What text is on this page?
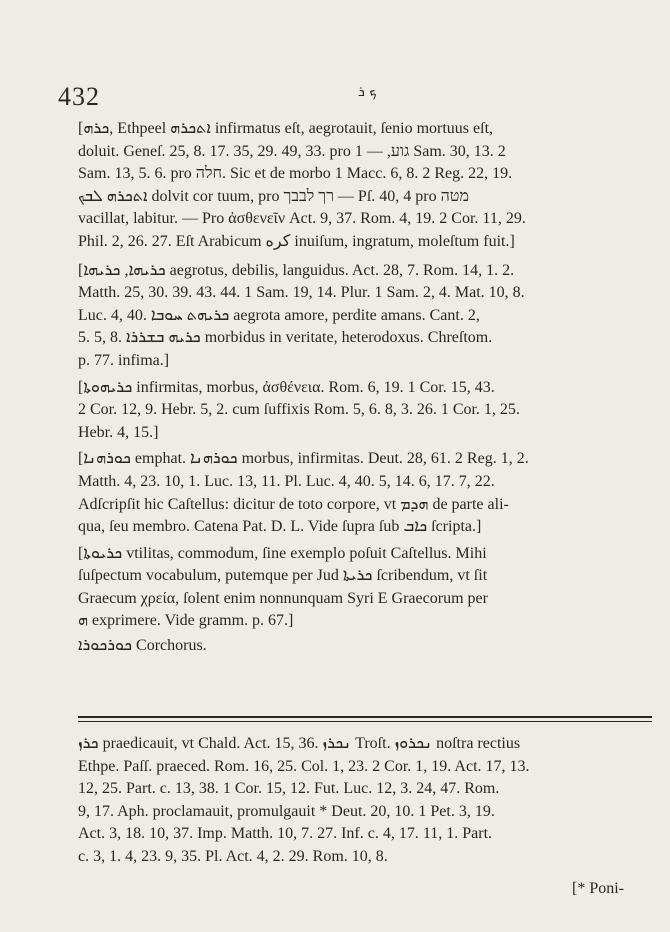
432	ܟ ܪ

[ܟܪܗ, Ethpeel ܐܬܟܪܗ infirmatus eſt, aegrotauit, ſenio mortuus eſt,

doluit. Geneſ. 25, 8. 17. 35, 29. 49, 33. pro גוע, — 1 Sam. 30, 13. 2

Sam. 13, 5. 6. pro חלה. Sic et de morbo 1 Macc. 6, 8. 2 Reg. 22, 19.

ܐܬܟܪܗ ܠܒܟ dolvit cor tuum, pro רך לבבך — Pſ. 40, 4 pro מטה

vacillat, labitur. — Pro ἀσθενεῖν Act. 9, 37. Rom. 4, 19. 2 Cor. 11, 29.

Phil. 2, 26. 27. Eſt Arabicum كره inuiſum, ingratum, moleſtum fuit.]

[ܟܪܝܗܐ, ܟܪܝܗܐ aegrotus, debilis, languidus. Act. 28, 7. Rom. 14, 1. 2.

Matth. 25, 30. 39. 43. 44. 1 Sam. 19, 14. Plur. 1 Sam. 2, 4. Mat. 10, 8.

Luc. 4, 40. ܟܪܝܗܬ ܚܘܒܐ aegrota amore, perdite amans. Cant. 2,

5. 5, 8. ܟܪܝܗ ܒܫܪܪܐ morbidus in veritate, heterodoxus. Chreſtom.

p. 77. infima.]

[ܟܪܝܗܘܬܐ infirmitas, morbus, ἀσθένεια. Rom. 6, 19. 1 Cor. 15, 43.

2 Cor. 12, 9. Hebr. 5, 2. cum ſuffixis Rom. 5, 6. 8, 3. 26. 1 Cor. 1, 25.

Hebr. 4, 15.]

[ܟܘܪܗܢܐ emphat. ܟܘܪܗܢܐ morbus, infirmitas. Deut. 28, 61. 2 Reg. 1, 2.

Matth. 4, 23. 10, 1. Luc. 13, 11. Pl. Luc. 4, 40. 5, 14. 6, 17. 7, 22.

Adſcripſit hic Caſtellus: dicitur de toto corpore, vt ܗܕܡ de parte ali-

qua, ſeu membro. Catena Pat. D. L. Vide ſupra ſub ܟܐܒ ſcripta.]

[ܟܪܝܘܬܐ vtilitas, commodum, ſine exemplo poſuit Caſtellus. Mihi

ſuſpectum vocabulum, putemque per Jud ܟܪܝܬܐ ſcribendum, vt ſit

Graecum χρεία, ſolent enim nonnunquam Syri E Graecorum per

ܗ exprimere. Vide gramm. p. 67.]

ܟܘܪܟܘܪܐ Corchorus.

ܟܪܙ praedicauit, vt Chald. Act. 15, 36. ܢܟܪܙ Troſt. ܢܟܪܘܙ noſtra rectius

Ethpe. Paſſ. praeced. Rom. 16, 25. Col. 1, 23. 2 Cor. 1, 19. Act. 17, 13.

12, 25. Part. c. 13, 38. 1 Cor. 15, 12. Fut. Luc. 12, 3. 24, 47. Rom.

9, 17. Aph. proclamauit, promulgauit * Deut. 20, 10. 1 Pet. 3, 19.

Act. 3, 18. 10, 37. Imp. Matth. 10, 7. 27. Inf. c. 4, 17. 11, 1. Part.

c. 3, 1. 4, 23. 9, 35. Pl. Act. 4, 2. 29. Rom. 10, 8.

[* Poni-
